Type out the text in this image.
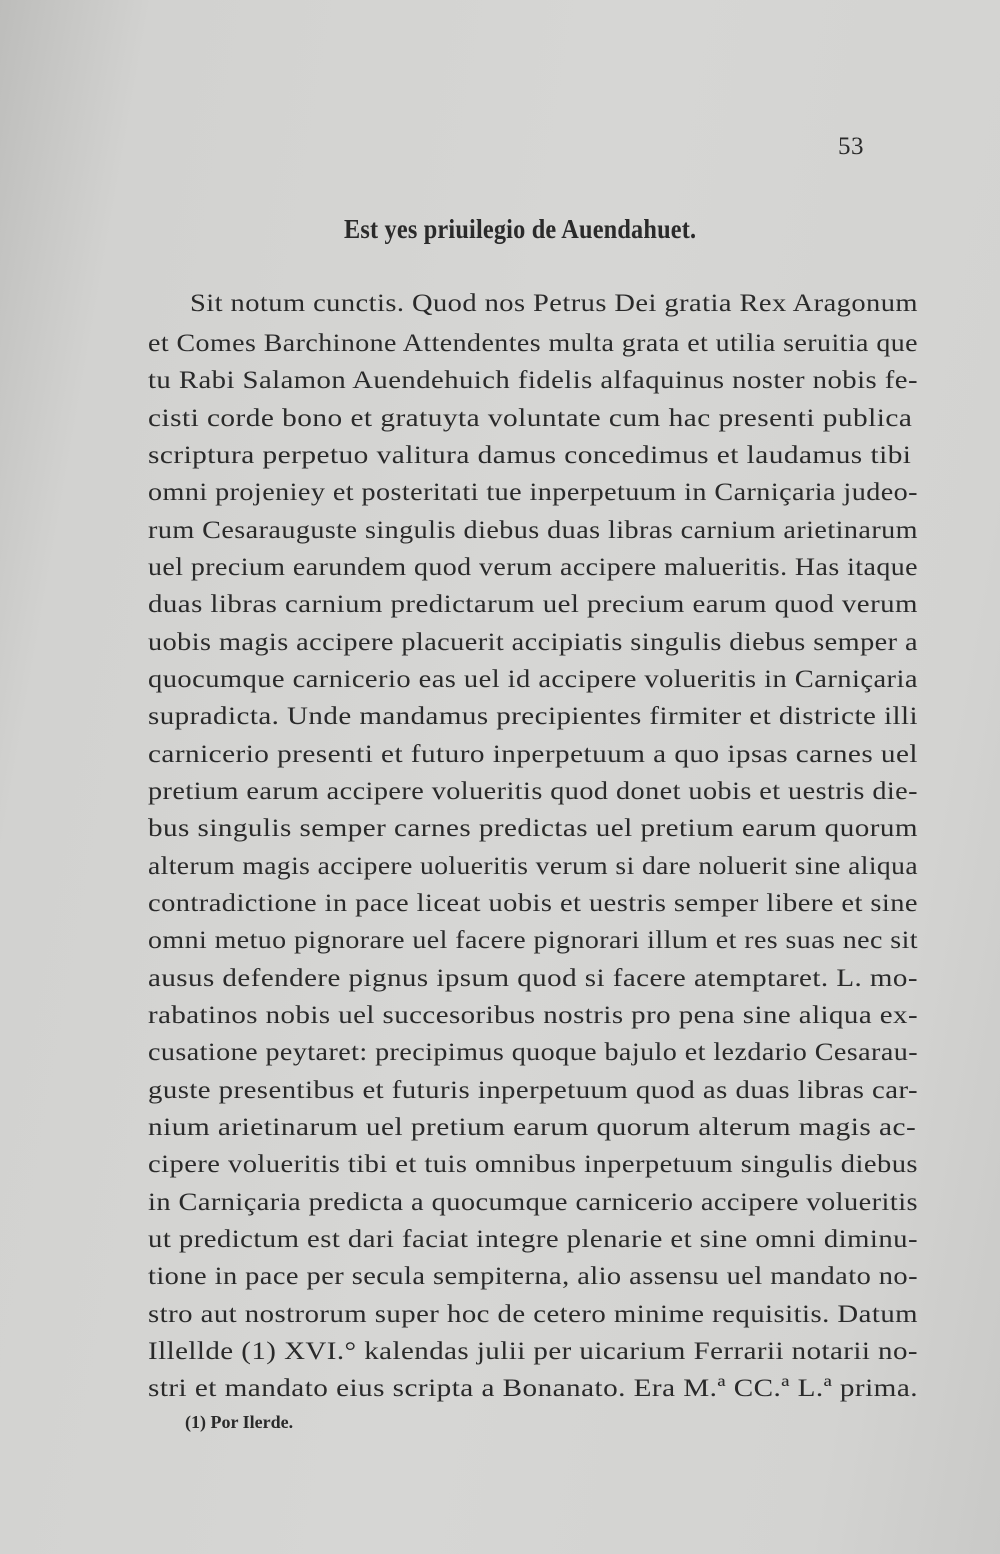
53
Est yes priuilegio de Auendahuet.
Sit notum cunctis. Quod nos Petrus Dei gratia Rex Aragonum
et Comes Barchinone Attendentes multa grata et utilia seruitia que
tu Rabi Salamon Auendehuich fidelis alfaquinus noster nobis fe-
cisti corde bono et gratuyta voluntate cum hac presenti publica
scriptura perpetuo valitura damus concedimus et laudamus tibi
omni projeniey et posteritati tue inperpetuum in Carniçaria judeo-
rum Cesarauguste singulis diebus duas libras carnium arietinarum
uel precium earundem quod verum accipere malueritis. Has itaque
duas libras carnium predictarum uel precium earum quod verum
uobis magis accipere placuerit accipiatis singulis diebus semper a
quocumque carnicerio eas uel id accipere volueritis in Carniçaria
supradicta. Unde mandamus precipientes firmiter et districte illi
carnicerio presenti et futuro inperpetuum a quo ipsas carnes uel
pretium earum accipere volueritis quod donet uobis et uestris die-
bus singulis semper carnes predictas uel pretium earum quorum
alterum magis accipere uolueritis verum si dare noluerit sine aliqua
contradictione in pace liceat uobis et uestris semper libere et sine
omni metuo pignorare uel facere pignorari illum et res suas nec sit
ausus defendere pignus ipsum quod si facere atemptaret. L. mo-
rabatinos nobis uel succesoribus nostris pro pena sine aliqua ex-
cusatione peytaret: precipimus quoque bajulo et lezdario Cesarau-
guste presentibus et futuris inperpetuum quod as duas libras car-
nium arietinarum uel pretium earum quorum alterum magis ac-
cipere volueritis tibi et tuis omnibus inperpetuum singulis diebus
in Carniçaria predicta a quocumque carnicerio accipere volueritis
ut predictum est dari faciat integre plenarie et sine omni diminu-
tione in pace per secula sempiterna, alio assensu uel mandato no-
stro aut nostrorum super hoc de cetero minime requisitis. Datum
Illellde (1) XVI.° kalendas julii per uicarium Ferrarii notarii no-
stri et mandato eius scripta a Bonanato. Era M.ª CC.ª L.ª prima.
(1) Por Ilerde.
